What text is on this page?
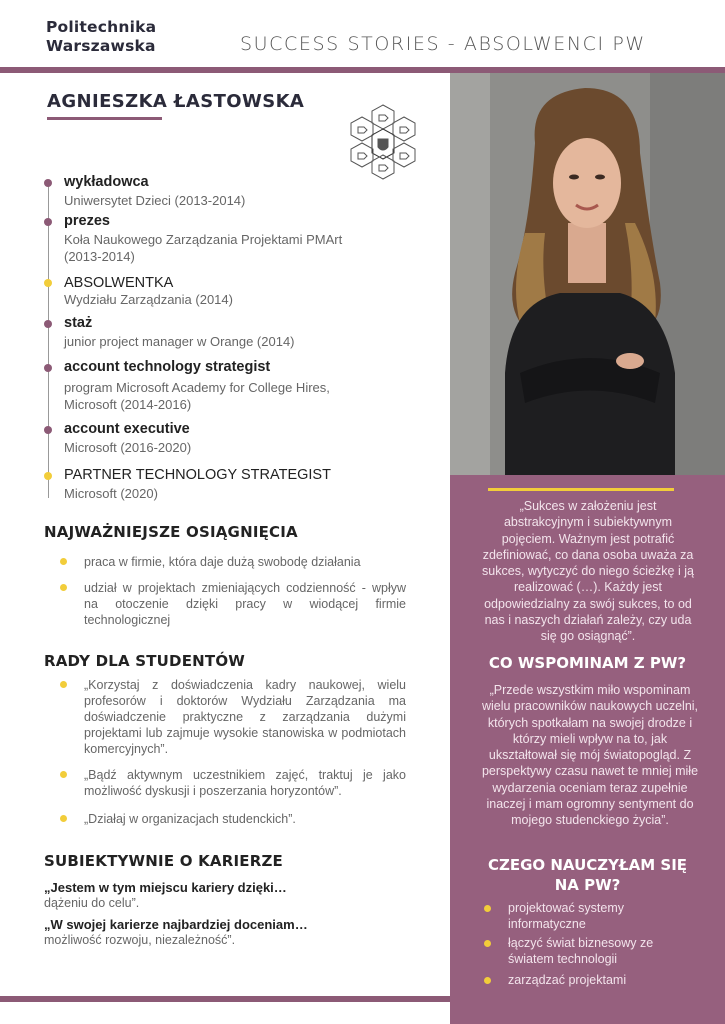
Politechnika
Warszawska	SUCCESS STORIES - ABSOLWENCI PW
AGNIESZKA ŁASTOWSKA
wykładowca
Uniwersytet Dzieci (2013-2014)
prezes
Koła Naukowego Zarządzania Projektami PMArt
(2013-2014)
ABSOLWENTKA
Wydziału Zarządzania (2014)
staż
junior project manager w Orange (2014)
account technology strategist
program Microsoft Academy for College Hires,
Microsoft (2014-2016)
account executive
Microsoft (2016-2020)
PARTNER TECHNOLOGY STRATEGIST
Microsoft (2020)
NAJWAŻNIEJSZE OSIĄGNIĘCIA
praca w firmie, która daje dużą swobodę działania
udział w projektach zmieniających codzienność - wpływ na otoczenie dzięki pracy w wiodącej firmie technologicznej
RADY DLA STUDENTÓW
„Korzystaj z doświadczenia kadry naukowej, wielu profesorów i doktorów Wydziału Zarządzania ma doświadczenie praktyczne z zarządzania dużymi projektami lub zajmuje wysokie stanowiska w podmiotach komercyjnych”.
„Bądź aktywnym uczestnikiem zajęć, traktuj je jako możliwość dyskusji i poszerzania horyzontów”.
„Działaj w organizacjach studenckich”.
SUBIEKTYWNIE O KARIERZE
„Jestem w tym miejscu kariery dzięki…
dążeniu do celu”.
„W swojej karierze najbardziej doceniam…
możliwość rozwoju, niezależność”.
„Sukces w założeniu jest abstrakcyjnym i subiektywnym pojęciem. Ważnym jest potrafić zdefiniować, co dana osoba uważa za sukces, wytyczyć do niego ścieżkę i ją realizować (…). Każdy jest odpowiedzialny za swój sukces, to od nas i naszych działań zależy, czy uda się go osiągnąć”.
CO WSPOMINAM Z PW?
„Przede wszystkim miło wspominam wielu pracowników naukowych uczelni, których spotkałam na swojej drodze i którzy mieli wpływ na to, jak ukształtował się mój światopogląd. Z perspektywy czasu nawet te mniej miłe wydarzenia oceniam teraz zupełnie inaczej i mam ogromny sentyment do mojego studenckiego życia”.
CZEGO NAUCZYŁAM SIĘ NA PW?
projektować systemy informatyczne
łączyć świat biznesowy ze światem technologii
zarządzać projektami
